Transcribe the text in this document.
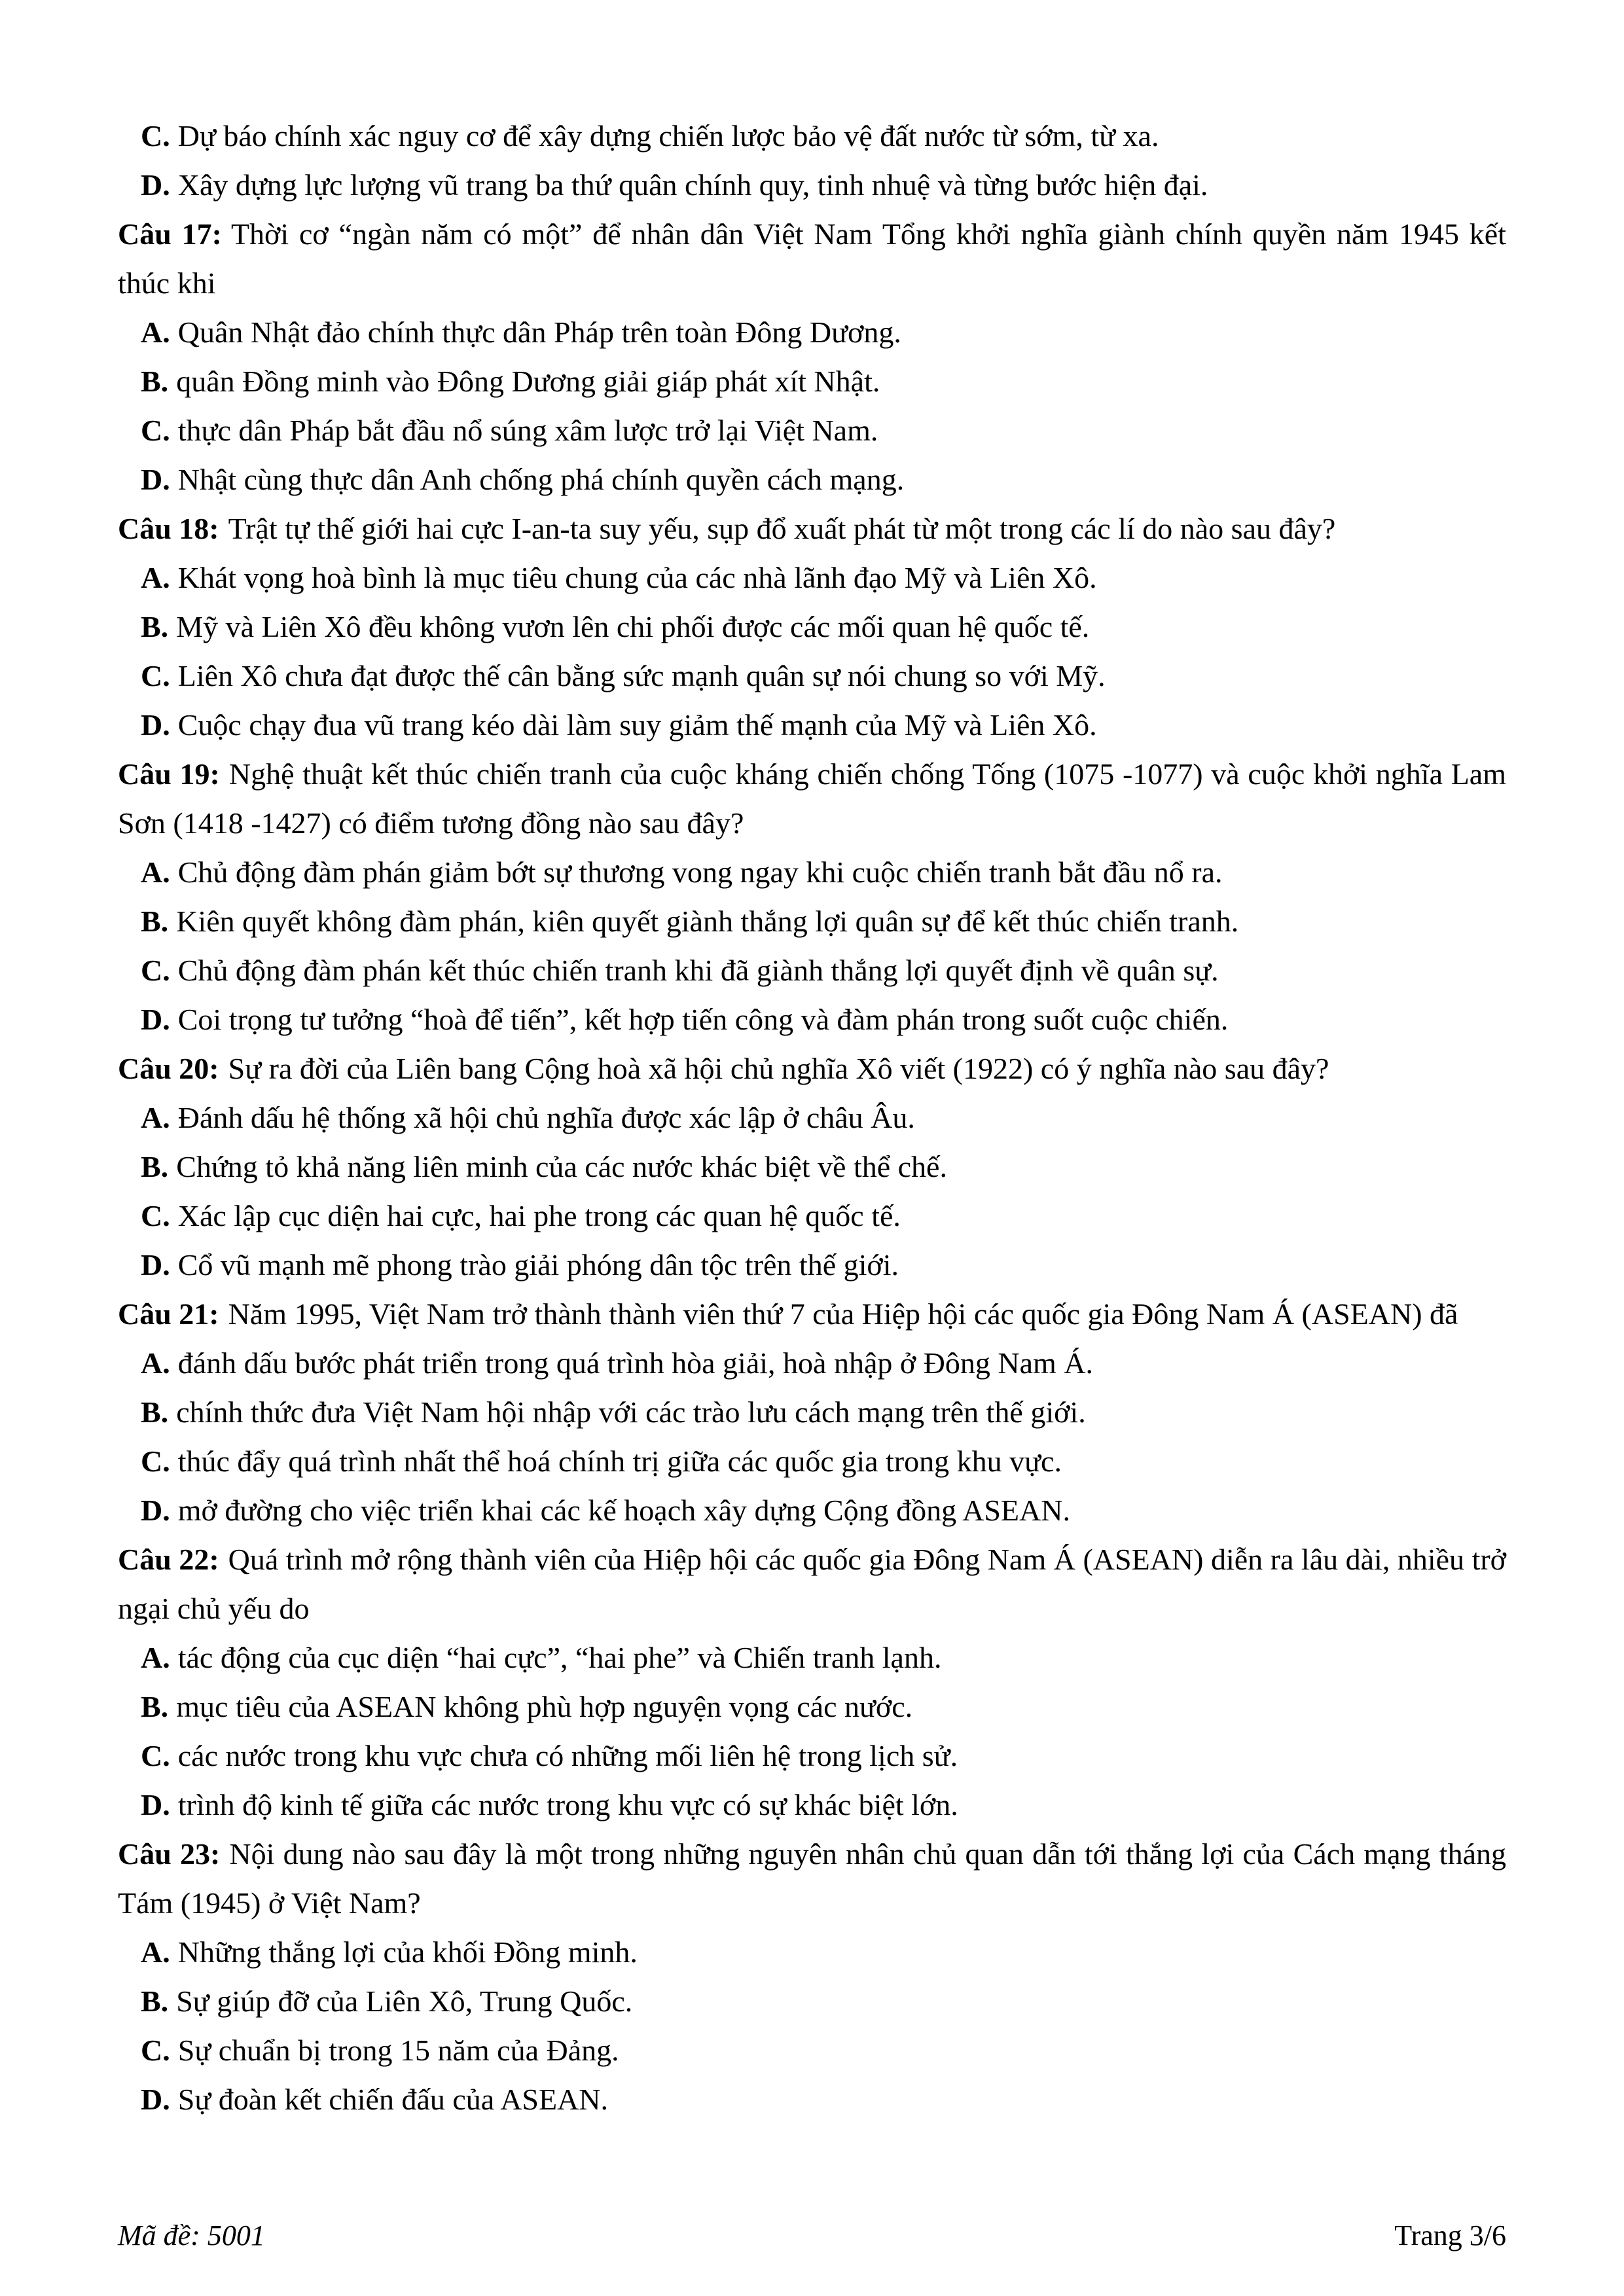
C. Dự báo chính xác nguy cơ để xây dựng chiến lược bảo vệ đất nước từ sớm, từ xa.

D. Xây dựng lực lượng vũ trang ba thứ quân chính quy, tinh nhuệ và từng bước hiện đại.

Câu 17: Thời cơ “ngàn năm có một” để nhân dân Việt Nam Tổng khởi nghĩa giành chính quyền năm 1945 kết thúc khi

A. Quân Nhật đảo chính thực dân Pháp trên toàn Đông Dương.

B. quân Đồng minh vào Đông Dương giải giáp phát xít Nhật.

C. thực dân Pháp bắt đầu nổ súng xâm lược trở lại Việt Nam.

D. Nhật cùng thực dân Anh chống phá chính quyền cách mạng.

Câu 18: Trật tự thế giới hai cực I-an-ta suy yếu, sụp đổ xuất phát từ một trong các lí do nào sau đây?

A. Khát vọng hoà bình là mục tiêu chung của các nhà lãnh đạo Mỹ và Liên Xô.

B. Mỹ và Liên Xô đều không vươn lên chi phối được các mối quan hệ quốc tế.

C. Liên Xô chưa đạt được thế cân bằng sức mạnh quân sự nói chung so với Mỹ.

D. Cuộc chạy đua vũ trang kéo dài làm suy giảm thế mạnh của Mỹ và Liên Xô.

Câu 19: Nghệ thuật kết thúc chiến tranh của cuộc kháng chiến chống Tống (1075 -1077) và cuộc khởi nghĩa Lam Sơn (1418 -1427) có điểm tương đồng nào sau đây?

A. Chủ động đàm phán giảm bớt sự thương vong ngay khi cuộc chiến tranh bắt đầu nổ ra.

B. Kiên quyết không đàm phán, kiên quyết giành thắng lợi quân sự để kết thúc chiến tranh.

C. Chủ động đàm phán kết thúc chiến tranh khi đã giành thắng lợi quyết định về quân sự.

D. Coi trọng tư tưởng “hoà để tiến”, kết hợp tiến công và đàm phán trong suốt cuộc chiến.

Câu 20: Sự ra đời của Liên bang Cộng hoà xã hội chủ nghĩa Xô viết (1922) có ý nghĩa nào sau đây?

A. Đánh dấu hệ thống xã hội chủ nghĩa được xác lập ở châu Âu.

B. Chứng tỏ khả năng liên minh của các nước khác biệt về thể chế.

C. Xác lập cục diện hai cực, hai phe trong các quan hệ quốc tế.

D. Cổ vũ mạnh mẽ phong trào giải phóng dân tộc trên thế giới.

Câu 21: Năm 1995, Việt Nam trở thành thành viên thứ 7 của Hiệp hội các quốc gia Đông Nam Á (ASEAN) đã

A. đánh dấu bước phát triển trong quá trình hòa giải, hoà nhập ở Đông Nam Á.

B. chính thức đưa Việt Nam hội nhập với các trào lưu cách mạng trên thế giới.

C. thúc đẩy quá trình nhất thể hoá chính trị giữa các quốc gia trong khu vực.

D. mở đường cho việc triển khai các kế hoạch xây dựng Cộng đồng ASEAN.

Câu 22: Quá trình mở rộng thành viên của Hiệp hội các quốc gia Đông Nam Á (ASEAN) diễn ra lâu dài, nhiều trở ngại chủ yếu do

A. tác động của cục diện “hai cực”, “hai phe” và Chiến tranh lạnh.

B. mục tiêu của ASEAN không phù hợp nguyện vọng các nước.

C. các nước trong khu vực chưa có những mối liên hệ trong lịch sử.

D. trình độ kinh tế giữa các nước trong khu vực có sự khác biệt lớn.

Câu 23: Nội dung nào sau đây là một trong những nguyên nhân chủ quan dẫn tới thắng lợi của Cách mạng tháng Tám (1945) ở Việt Nam?

A. Những thắng lợi của khối Đồng minh.

B. Sự giúp đỡ của Liên Xô, Trung Quốc.

C. Sự chuẩn bị trong 15 năm của Đảng.

D. Sự đoàn kết chiến đấu của ASEAN.

Mã đề: 5001	Trang 3/6
